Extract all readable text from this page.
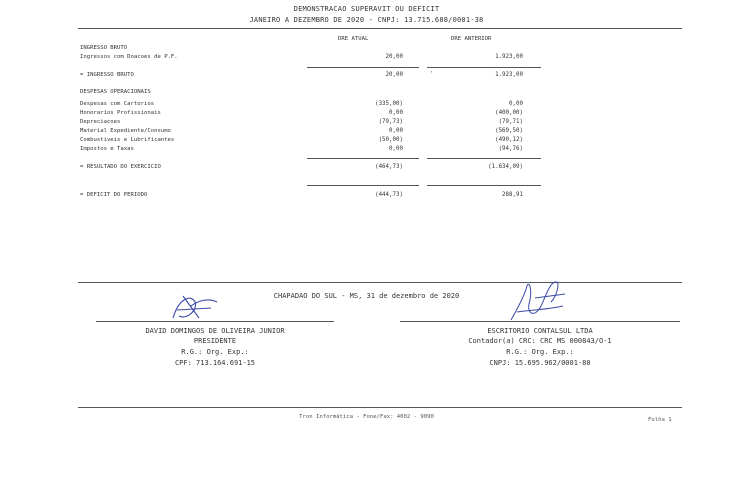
DEMONSTRACAO SUPERAVIT OU DEFICIT
JANEIRO A DEZEMBRO DE 2020 - CNPJ: 13.715.688/0001-38
DRE ATUAL	DRE ANTERIOR
INGRESSO BRUTO
Ingressos com Doacoes de P.F.	20,00	1.923,00
= INGRESSO BRUTO	20,00	'	1.923,00
DESPESAS OPERACIONAIS
Despesas com Cartorios	(335,00)	0,00
Honorarios Profissionais	0,00	(400,00)
Depreciacoes	(79,73)	(79,71)
Material Expediente/Consumo	0,00	(569,50)
Combustiveis e Lubrificantes	(50,00)	(490,12)
Impostos e Taxas	0,00	(94,76)
= RESULTADO DO EXERCICIO	(464,73)	(1.634,09)
= DEFICIT DO PERIODO	(444,73)	288,91
CHAPADAO DO SUL - MS, 31 de dezembro de 2020
DAVID DOMINGOS DE OLIVEIRA JUNIOR
PRESIDENTE
R.G.: Org. Exp.:
CPF: 713.164.691-15
ESCRITORIO CONTALSUL LTDA
Contador(a) CRC: CRC MS 000843/O-1
R.G.: Org. Exp.:
CNPJ: 15.695.962/0001-80
Tron Informática - Fone/Fax: 4002 - 9090	Folha 1
